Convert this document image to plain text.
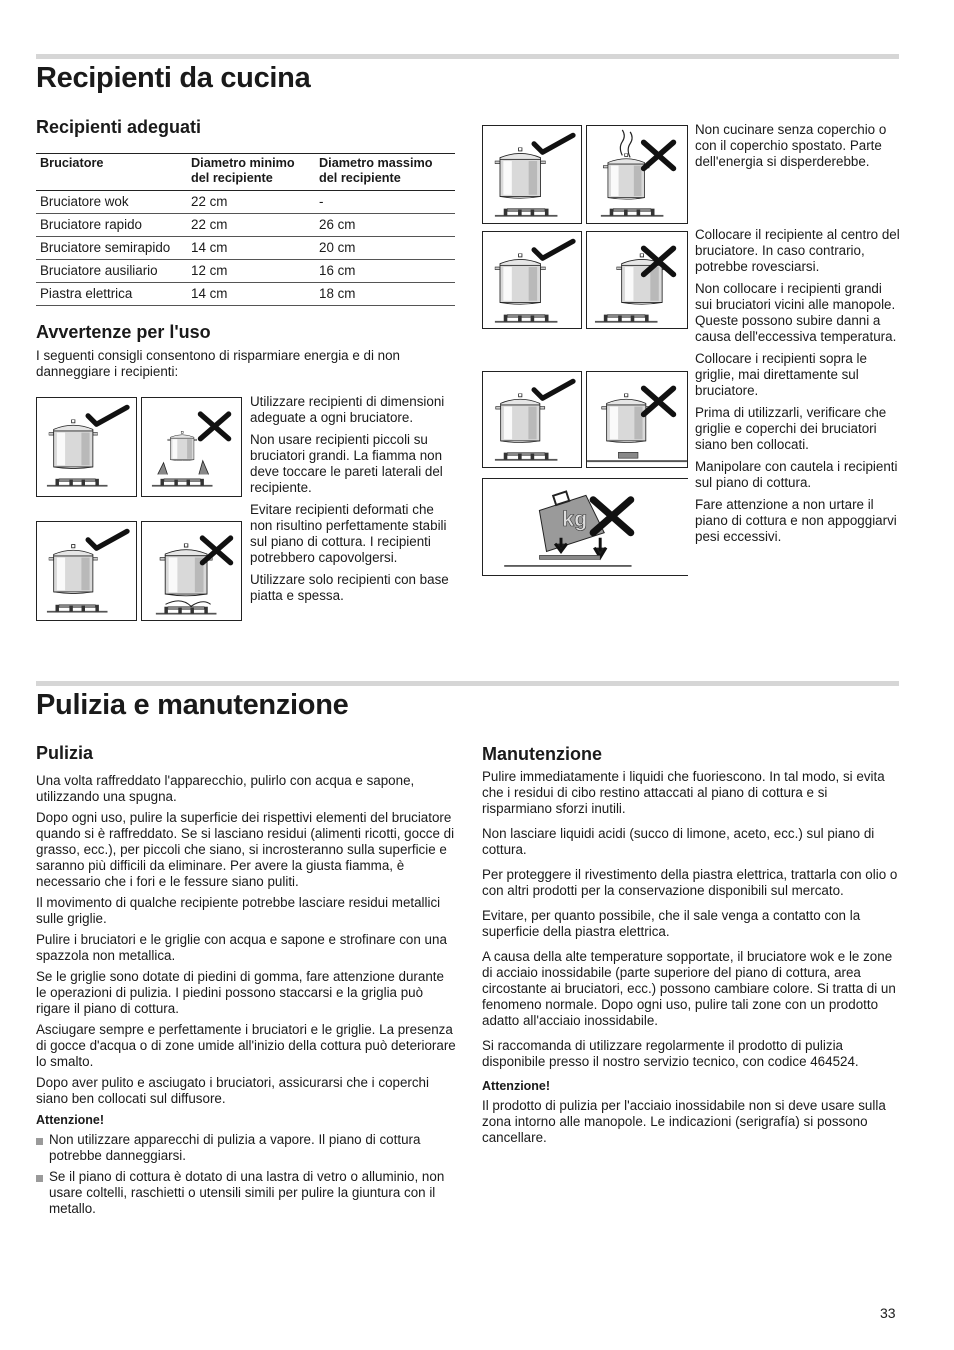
Recipienti da cucina
Recipienti adeguati
Bruciatore	Diametro minimo del recipiente	Diametro massimo del recipiente
Bruciatore wok	22 cm	-
Bruciatore rapido	22 cm	26 cm
Bruciatore semirapido	14 cm	20 cm
Bruciatore ausiliario	12 cm	16 cm
Piastra elettrica	14 cm	18 cm
Avvertenze per l'uso

I seguenti consigli consentono di risparmiare energia e di non danneggiare i recipienti:

Utilizzare recipienti di dimensioni adeguate a ogni bruciatore.

Non usare recipienti piccoli su bruciatori grandi. La fiamma non deve toccare le pareti laterali del recipiente.

Evitare recipienti deformati che non risultino perfettamente stabili sul piano di cottura. I recipienti potrebbero capovolgersi.

Utilizzare solo recipienti con base piatta e spessa.

kg

Non cucinare senza coperchio o con il coperchio spostato. Parte dell'energia si disperderebbe.

Collocare il recipiente al centro del bruciatore. In caso contrario, potrebbe rovesciarsi.

Non collocare i recipienti grandi sui bruciatori vicini alle manopole. Queste possono subire danni a causa dell'eccessiva temperatura.

Collocare i recipienti sopra le griglie, mai direttamente sul bruciatore.

Prima di utilizzarli, verificare che griglie e coperchi dei bruciatori siano ben collocati.

Manipolare con cautela i recipienti sul piano di cottura.

Fare attenzione a non urtare il piano di cottura e non appoggiarvi pesi eccessivi.

Pulizia e manutenzione
Pulizia

Una volta raffreddato l'apparecchio, pulirlo con acqua e sapone, utilizzando una spugna.

Dopo ogni uso, pulire la superficie dei rispettivi elementi del bruciatore quando si è raffreddato. Se si lasciano residui (alimenti ricotti, gocce di grasso, ecc.), per piccoli che siano, si incrosteranno sulla superficie e saranno più difficili da eliminare. Per avere la giusta fiamma, è necessario che i fori e le fessure siano puliti.

Il movimento di qualche recipiente potrebbe lasciare residui metallici sulle griglie.

Pulire i bruciatori e le griglie con acqua e sapone e strofinare con una spazzola non metallica.

Se le griglie sono dotate di piedini di gomma, fare attenzione durante le operazioni di pulizia. I piedini possono staccarsi e la griglia può rigare il piano di cottura.

Asciugare sempre e perfettamente i bruciatori e le griglie. La presenza di gocce d'acqua o di zone umide all'inizio della cottura può deteriorare lo smalto.

Dopo aver pulito e asciugato i bruciatori, assicurarsi che i coperchi siano ben collocati sul diffusore.

Attenzione!

Non utilizzare apparecchi di pulizia a vapore. Il piano di cottura potrebbe danneggiarsi.
Se il piano di cottura è dotato di una lastra di vetro o alluminio, non usare coltelli, raschietti o utensili simili per pulire la giuntura con il metallo.
Manutenzione

Pulire immediatamente i liquidi che fuoriescono. In tal modo, si evita che i residui di cibo restino attaccati al piano di cottura e si risparmiano sforzi inutili.

Non lasciare liquidi acidi (succo di limone, aceto, ecc.) sul piano di cottura.

Per proteggere il rivestimento della piastra elettrica, trattarla con olio o con altri prodotti per la conservazione disponibili sul mercato.

Evitare, per quanto possibile, che il sale venga a contatto con la superficie della piastra elettrica.

A causa della alte temperature sopportate, il bruciatore wok e le zone di acciaio inossidabile (parte superiore del piano di cottura, area circostante ai bruciatori, ecc.) possono cambiare colore. Si tratta di un fenomeno normale. Dopo ogni uso, pulire tali zone con un prodotto adatto all'acciaio inossidabile.

Si raccomanda di utilizzare regolarmente il prodotto di pulizia disponibile presso il nostro servizio tecnico, con codice 464524.

Attenzione!

Il prodotto di pulizia per l'acciaio inossidabile non si deve usare sulla zona intorno alle manopole. Le indicazioni (serigrafía) si possono cancellare.

33
